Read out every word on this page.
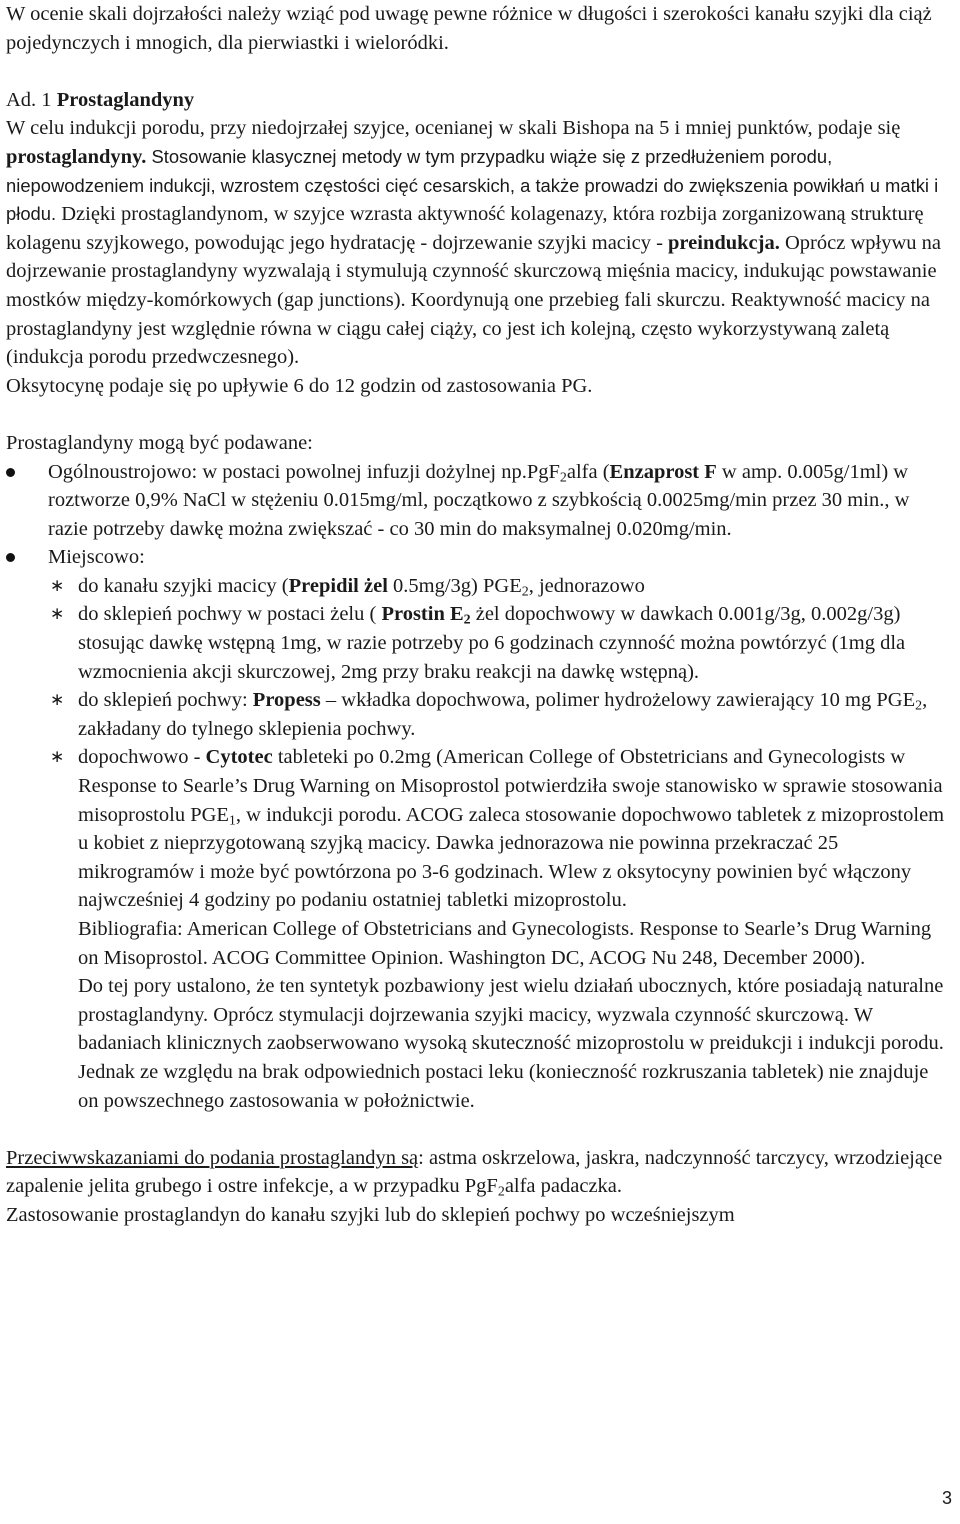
W ocenie skali dojrzałości należy wziąć pod uwagę pewne różnice w długości i szerokości kanału szyjki dla ciąż pojedynczych i mnogich, dla pierwiastki i wieloródki.

Ad. 1 Prostaglandyny

W celu indukcji porodu, przy niedojrzałej szyjce, ocenianej w skali Bishopa na 5 i mniej punktów, podaje się prostaglandyny. Stosowanie klasycznej metody w tym przypadku wiąże się z przedłużeniem porodu, niepowodzeniem indukcji, wzrostem częstości cięć cesarskich, a także prowadzi do zwiększenia powikłań u matki i płodu. Dzięki prostaglandynom, w szyjce wzrasta aktywność kolagenazy, która rozbija zorganizowaną strukturę kolagenu szyjkowego, powodując jego hydratację - dojrzewanie szyjki macicy - preindukcja. Oprócz wpływu na dojrzewanie prostaglandyny wyzwalają i stymulują czynność skurczową mięśnia macicy, indukując powstawanie mostków między-komórkowych (gap junctions). Koordynują one przebieg fali skurczu. Reaktywność macicy na prostaglandyny jest względnie równa w ciągu całej ciąży, co jest ich kolejną, często wykorzystywaną zaletą (indukcja porodu przedwczesnego).

Oksytocynę podaje się po upływie 6 do 12 godzin od zastosowania PG.

Prostaglandyny mogą być podawane:

Ogólnoustrojowo: w postaci powolnej infuzji dożylnej np.PgF$_2$alfa (Enzaprost F w amp. 0.005g/1ml) w roztworze 0,9% NaCl w stężeniu 0.015mg/ml, początkowo z szybkością 0.0025mg/min przez 30 min., w razie potrzeby dawkę można zwiększać - co 30 min do maksymalnej 0.020mg/min.
Miejscowo:
∗ do kanału szyjki macicy (Prepidil żel 0.5mg/3g) $PGE_2$, jednorazowo
∗ do sklepień pochwy w postaci żelu ( Prostin $E_2$ żel dopochwowy w dawkach 0.001g/3g, 0.002g/3g) stosując dawkę wstępną 1mg, w razie potrzeby po 6 godzinach czynność można powtórzyć (1mg dla wzmocnienia akcji skurczowej, 2mg przy braku reakcji na dawkę wstępną).
∗ do sklepień pochwy: Propess – wkładka dopochwowa, polimer hydrożelowy zawierający 10 mg $PGE_2$, zakładany do tylnego sklepienia pochwy.
∗ dopochwowo - Cytotec tableteki po 0.2mg (American College of Obstetricians and Gynecologists w Response to Searle’s Drug Warning on Misoprostol potwierdziła swoje stanowisko w sprawie stosowania misoprostolu $PGE_1$, w indukcji porodu. ACOG zaleca stosowanie dopochwowo tabletek z mizoprostolem u kobiet z nieprzygotowaną szyjką macicy. Dawka jednorazowa nie powinna przekraczać 25 mikrogramów i może być powtórzona po 3-6 godzinach. Wlew z oksytocyny powinien być włączony najwcześniej 4 godziny po podaniu ostatniej tabletki mizoprostolu.

Bibliografia: American College of Obstetricians and Gynecologists. Response to Searle’s Drug Warning on Misoprostol. ACOG Committee Opinion. Washington DC, ACOG Nu 248, December 2000).

Do tej pory ustalono, że ten syntetyk pozbawiony jest wielu działań ubocznych, które posiadają naturalne prostaglandyny. Oprócz stymulacji dojrzewania szyjki macicy, wyzwala czynność skurczową. W badaniach klinicznych zaobserwowano wysoką skuteczność mizoprostolu w preidukcji i indukcji porodu. Jednak ze względu na brak odpowiednich postaci leku (konieczność rozkruszania tabletek) nie znajduje on powszechnego zastosowania w położnictwie.

Przeciwwskazaniami do podania prostaglandyn są: astma oskrzelowa, jaskra, nadczynność tarczycy, wrzodziejące zapalenie jelita grubego i ostre infekcje, a w przypadku PgF$_2$alfa padaczka.

Zastosowanie prostaglandyn do kanału szyjki lub do sklepień pochwy po wcześniejszym

3
